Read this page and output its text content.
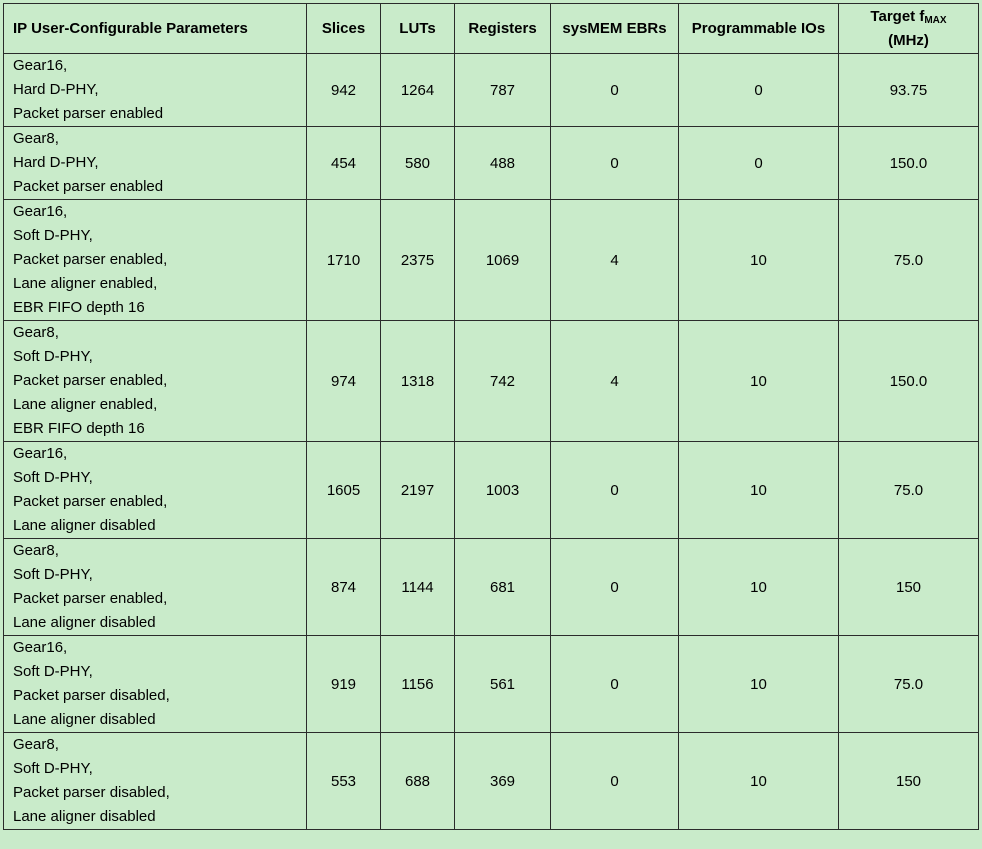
IP User-Configurable Parameters	Slices	LUTs	Registers	sysMEM EBRs	Programmable IOs	Target $f_{MAX}$
(MHz)

Gear16,
Hard D-PHY,
Packet parser enabled	942	1264	787	0	0	93.75

Gear8,
Hard D-PHY,
Packet parser enabled	454	580	488	0	0	150.0

Gear16,
Soft D-PHY,
Packet parser enabled,
Lane aligner enabled,
EBR FIFO depth 16	1710	2375	1069	4	10	75.0

Gear8,
Soft D-PHY,
Packet parser enabled,
Lane aligner enabled,
EBR FIFO depth 16	974	1318	742	4	10	150.0

Gear16,
Soft D-PHY,
Packet parser enabled,
Lane aligner disabled	1605	2197	1003	0	10	75.0

Gear8,
Soft D-PHY,
Packet parser enabled,
Lane aligner disabled	874	1144	681	0	10	150

Gear16,
Soft D-PHY,
Packet parser disabled,
Lane aligner disabled	919	1156	561	0	10	75.0

Gear8,
Soft D-PHY,
Packet parser disabled,
Lane aligner disabled	553	688	369	0	10	150
